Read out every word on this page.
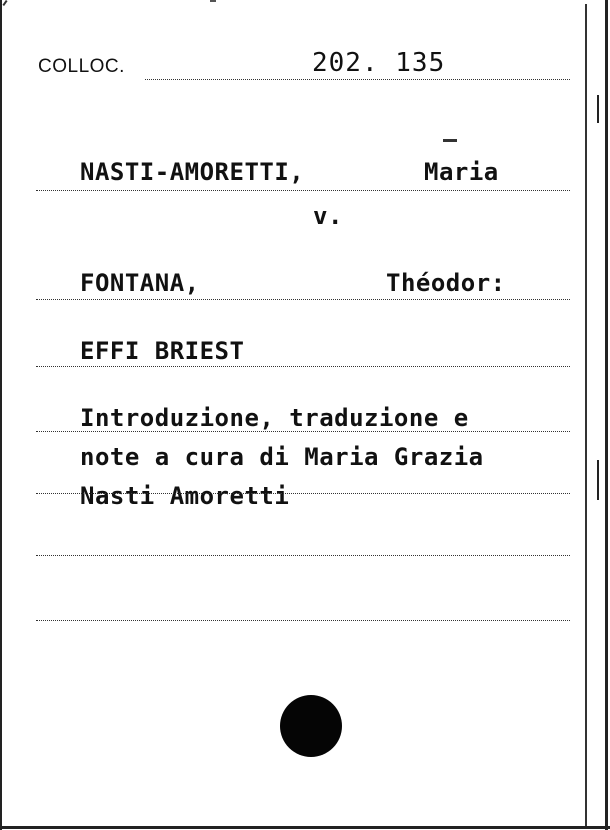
COLLOC.	202. 135
NASTI-AMORETTI,	Maria
v.
FONTANA,	Théodor:
EFFI BRIEST
Introduzione, traduzione e
note a cura di Maria Grazia
Nasti Amoretti
